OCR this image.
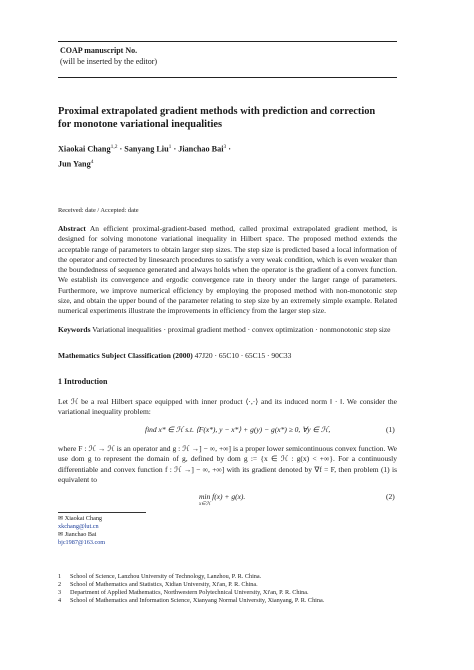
COAP manuscript No.
(will be inserted by the editor)
Proximal extrapolated gradient methods with prediction and correction
for monotone variational inequalities
Xiaokai Chang$^{1,2}$ · Sanyang Liu$^1$ · Jianchao Bai$^3$ ·
Jun Yang$^4$
Received: date / Accepted: date
Abstract An efficient proximal-gradient-based method, called proximal extrapolated gradient method, is designed for solving monotone variational inequality in Hilbert space. The proposed method extends the acceptable range of parameters to obtain larger step sizes. The step size is predicted based a local information of the operator and corrected by linesearch procedures to satisfy a very weak condition, which is even weaker than the boundedness of sequence generated and always holds when the operator is the gradient of a convex function. We establish its convergence and ergodic convergence rate in theory under the larger range of parameters. Furthermore, we improve numerical efficiency by employing the proposed method with non-monotonic step size, and obtain the upper bound of the parameter relating to step size by an extremely simple example. Related numerical experiments illustrate the improvements in efficiency from the larger step size.
Keywords Variational inequalities · proximal gradient method · convex optimization · nonmonotonic step size
Mathematics Subject Classification (2000) 47J20 · 65C10 · 65C15 · 90C33
1 Introduction
Let ℋ be a real Hilbert space equipped with inner product ⟨·,·⟩ and its induced norm ‖ · ‖. We consider the variational inequality problem:
find x* ∈ ℋ s.t. ⟨F(x*), y − x*⟩ + g(y) − g(x*) ≥ 0, ∀y ∈ ℋ,	(1)
where F : ℋ → ℋ is an operator and g : ℋ →] − ∞, +∞] is a proper lower semicontinuous convex function. We use dom g to represent the domain of g, defined by dom g := {x ∈ ℋ : g(x) < +∞}. For a continuously differentiable and convex function f : ℋ →] − ∞, +∞] with its gradient denoted by ∇f = F, then problem (1) is equivalent to
min f(x) + g(x).
x∈ℋ
(2)
✉ Xiaokai Chang
xkchang@lut.cn
✉ Jianchao Bai
bjc1987@163.com
1 School of Science, Lanzhou University of Technology, Lanzhou, P. R. China.
2 School of Mathematics and Statistics, Xidian University, Xi'an, P. R. China.
3 Department of Applied Mathematics, Northwestern Polytechnical University, Xi'an, P. R. China.
4 School of Mathematics and Information Science, Xianyang Normal University, Xianyang, P. R. China.
